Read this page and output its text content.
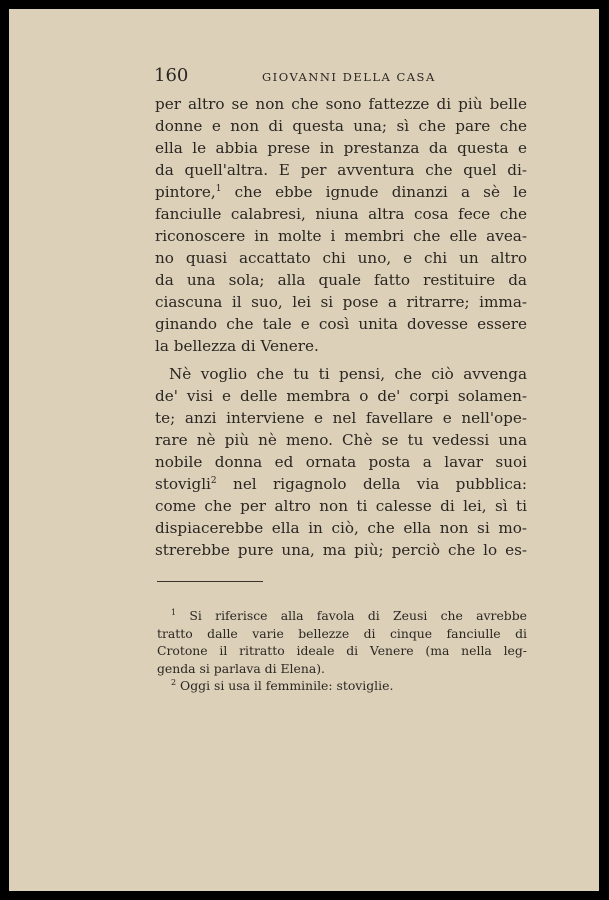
160	GIOVANNI DELLA CASA
per altro se non che sono fattezze di più belle
donne e non di questa una; sì che pare che
ella le abbia prese in prestanza da questa e
da quell'altra. E per avventura che quel di-
pintore,$^1$ che ebbe ignude dinanzi a sè le
fanciulle calabresi, niuna altra cosa fece che
riconoscere in molte i membri che elle avea-
no quasi accattato chi uno, e chi un altro
da una sola; alla quale fatto restituire da
ciascuna il suo, lei si pose a ritrarre; imma-
ginando che tale e così unita dovesse essere
la bellezza di Venere.
Nè voglio che tu ti pensi, che ciò avvenga
de' visi e delle membra o de' corpi solamen-
te; anzi interviene e nel favellare e nell'ope-
rare nè più nè meno. Chè se tu vedessi una
nobile donna ed ornata posta a lavar suoi
stovigli$^2$ nel rigagnolo della via pubblica:
come che per altro non ti calesse di lei, sì ti
dispiacerebbe ella in ciò, che ella non si mo-
strerebbe pure una, ma più; perciò che lo es-
$^1$ Si riferisce alla favola di Zeusi che avrebbe
tratto dalle varie bellezze di cinque fanciulle di
Crotone il ritratto ideale di Venere (ma nella leg-
genda si parlava di Elena).
$^2$ Oggi si usa il femminile: stoviglie.
